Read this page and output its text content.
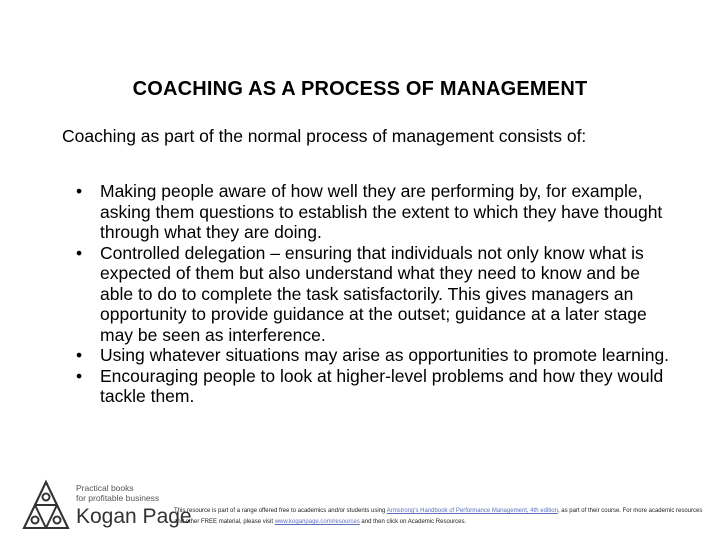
COACHING AS A PROCESS OF MANAGEMENT
Coaching as part of the normal process of management consists of:
• Making people aware of how well they are performing by, for example, asking them questions to establish the extent to which they have thought through what they are doing.
• Controlled delegation – ensuring that individuals not only know what is expected of them but also understand what they need to know and be able to do to complete the task satisfactorily. This gives managers an opportunity to provide guidance at the outset; guidance at a later stage may be seen as interference.
• Using whatever situations may arise as opportunities to promote learning.
• Encouraging people to look at higher-level problems and how they would tackle them.
Practical books
for profitable business
Kogan Page
This resource is part of a range offered free to academics and/or students using Armstrong's Handbook of Performance Management, 4th edition, as part of their course. For more academic resources and other FREE material, please visit www.koganpage.com/resources and then click on Academic Resources.
